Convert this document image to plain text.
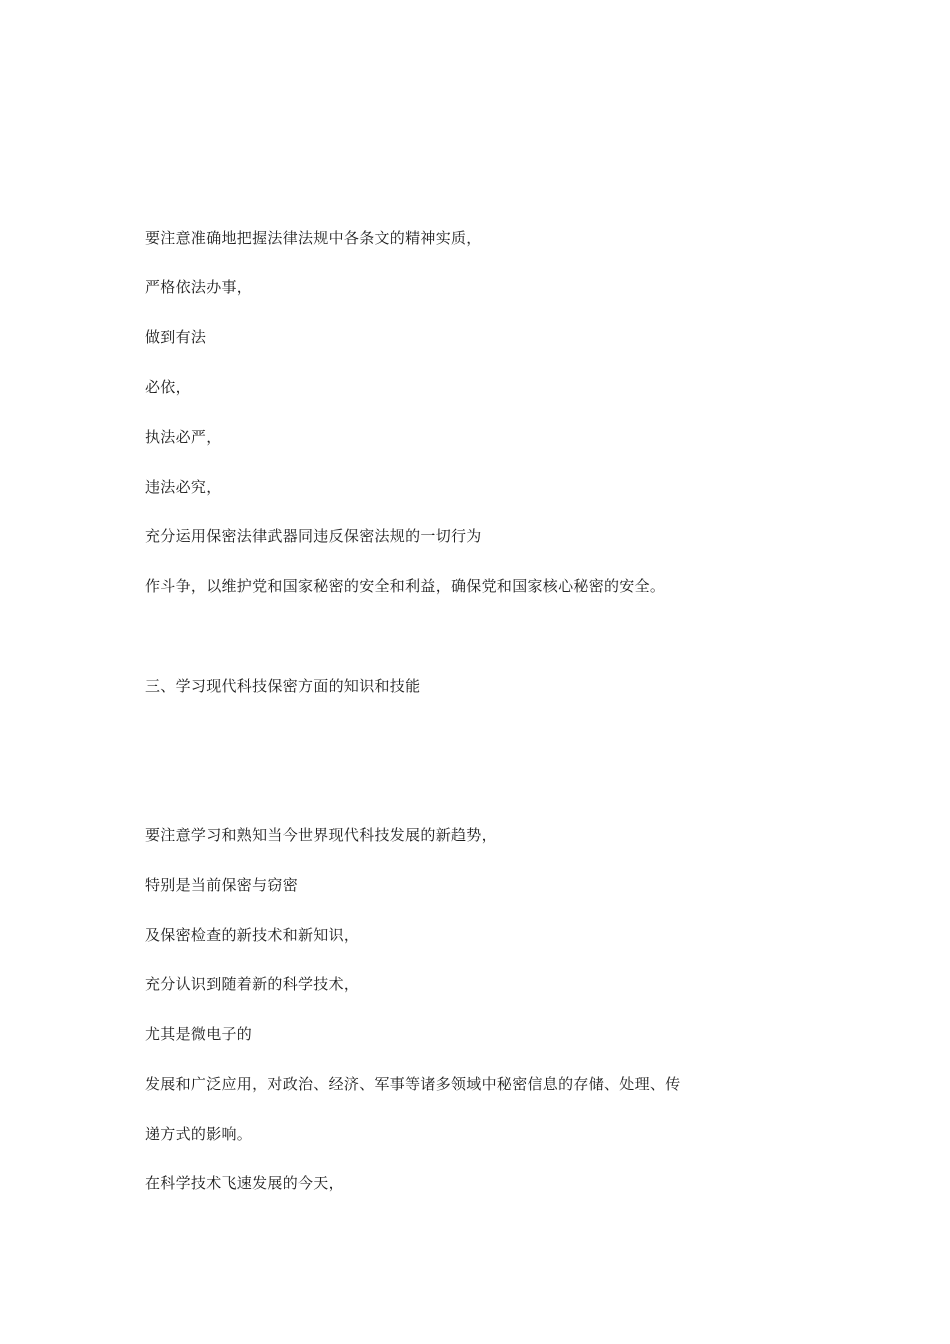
要注意准确地把握法律法规中各条文的精神实质，
严格依法办事，
做到有法
必依，
执法必严，
违法必究，
充分运用保密法律武器同违反保密法规的一切行为
作斗争，以维护党和国家秘密的安全和利益，确保党和国家核心秘密的安全。
三、学习现代科技保密方面的知识和技能
要注意学习和熟知当今世界现代科技发展的新趋势，
特别是当前保密与窃密
及保密检查的新技术和新知识，
充分认识到随着新的科学技术，
尤其是微电子的
发展和广泛应用，对政治、经济、军事等诸多领域中秘密信息的存储、处理、传
递方式的影响。
在科学技术飞速发展的今天，
